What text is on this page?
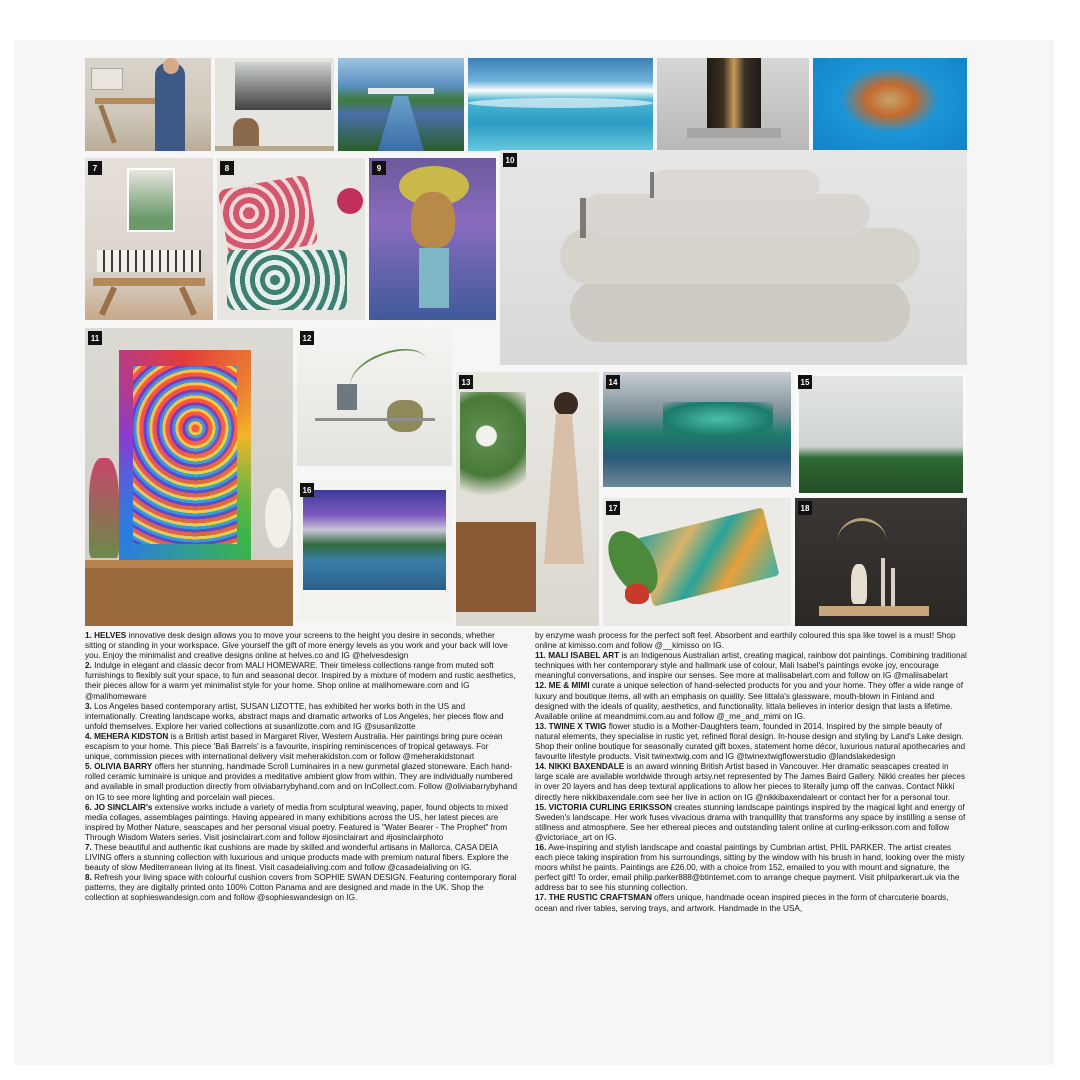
7	8	9
10
11	12
16
13	14	15
17	18

1. HELVES innovative desk design allows you to move your screens to the height you desire in seconds, whether sitting or standing in your workspace. Give yourself the gift of more energy levels as you work and your back will love you. Enjoy the minimalist and creative designs online at helves.co and IG @helvesdesign

2. Indulge in elegant and classic decor from MALI HOMEWARE. Their timeless collections range from muted soft furnishings to flexibly suit your space, to fun and seasonal decor. Inspired by a mixture of modern and rustic aesthetics, their pieces allow for a warm yet minimalist style for your home. Shop online at malihomeware.com and IG @malihomeware

3. Los Angeles based contemporary artist, SUSAN LIZOTTE, has exhibited her works both in the US and internationally. Creating landscape works, abstract maps and dramatic artworks of Los Angeles, her pieces flow and unfold themselves. Explore her varied collections at susanlizotte.com and IG @susanlizotte

4. MEHERA KIDSTON is a British artist based in Margaret River, Western Australia. Her paintings bring pure ocean escapism to your home. This piece 'Bali Barrels' is a favourite, inspiring reminiscences of tropical getaways. For unique, commission pieces with international delivery visit meherakidston.com or follow @meherakidstonart

5. OLIVIA BARRY offers her stunning, handmade Scroll Luminaires in a new gunmetal glazed stoneware. Each hand-rolled ceramic luminaire is unique and provides a meditative ambient glow from within. They are individually numbered and available in small production directly from oliviabarrybyhand.com and on InCollect.com. Follow @oliviabarrybyhand on IG to see more lighting and porcelain wall pieces.

6. JO SINCLAIR's extensive works include a variety of media from sculptural weaving, paper, found objects to mixed media collages, assemblages paintings. Having appeared in many exhibitions across the US, her latest pieces are inspired by Mother Nature, seascapes and her personal visual poetry. Featured is "Water Bearer - The Prophet" from Through Wisdom Waters series. Visit josinclairart.com and follow #josinclairart and #josinclairphoto

7. These beautiful and authentic ikat cushions are made by skilled and wonderful artisans in Mallorca. CASA DEIA LIVING offers a stunning collection with luxurious and unique products made with premium natural fibers. Explore the beauty of slow Mediterranean living at its finest. Visit casadeialiving.com and follow @casadeialiving on IG.

8. Refresh your living space with colourful cushion covers from SOPHIE SWAN DESIGN. Featuring contemporary floral patterns, they are digitally printed onto 100% Cotton Panama and are designed and made in the UK. Shop the collection at sophieswandesign.com and follow @sophieswandesign on IG.

by enzyme wash process for the perfect soft feel. Absorbent and earthily coloured this spa like towel is a must! Shop online at kimisso.com and follow @__kimisso on IG.

11. MALI ISABEL ART is an Indigenous Australian artist, creating magical, rainbow dot paintings. Combining traditional techniques with her contemporary style and hallmark use of colour, Mali Isabel's paintings evoke joy, encourage meaningful conversations, and inspire our senses. See more at maliisabelart.com and follow on IG @maliisabelart

12. ME & MIMI curate a unique selection of hand-selected products for you and your home. They offer a wide range of luxury and boutique items, all with an emphasis on quality. See Iittala's glassware, mouth-blown in Finland and designed with the ideals of quality, aesthetics, and functionality. Iittala believes in interior design that lasts a lifetime. Available online at meandmimi.com.au and follow @_me_and_mimi on IG.

13. TWINE X TWIG flower studio is a Mother-Daughters team, founded in 2014. Inspired by the simple beauty of natural elements, they specialise in rustic yet, refined floral design. In-house design and styling by Land's Lake design. Shop their online boutique for seasonally curated gift boxes, statement home décor, luxurious natural apothecaries and favourite lifestyle products. Visit twinextwig.com and IG @twinextwigflowerstudio @landslakedesign

14. NIKKI BAXENDALE is an award winning British Artist based in Vancouver. Her dramatic seascapes created in large scale are available worldwide through artsy.net represented by The James Baird Gallery. Nikki creates her pieces in over 20 layers and has deep textural applications to allow her pieces to literally jump off the canvas. Contact Nikki directly here nikkibaxendale.com see her live in action on IG @nikkibaxendaleart or contact her for a personal tour.

15. VICTORIA CURLING ERIKSSON creates stunning landscape paintings inspired by the magical light and energy of Sweden's landscape. Her work fuses vivacious drama with tranquillity that transforms any space by instilling a sense of stillness and atmosphere. See her ethereal pieces and outstanding talent online at curling-eriksson.com and follow @victoriace_art on IG.

16. Awe-inspiring and stylish landscape and coastal paintings by Cumbrian artist, PHIL PARKER. The artist creates each piece taking inspiration from his surroundings, sitting by the window with his brush in hand, looking over the misty moors whilst he paints. Paintings are £26.00, with a choice from 152, emailed to you with mount and signature, the perfect gift! To order, email philip.parker888@btinternet.com to arrange cheque payment. Visit philparkerart.uk via the address bar to see his stunning collection.

17. THE RUSTIC CRAFTSMAN offers unique, handmade ocean inspired pieces in the form of charcuterie boards, ocean and river tables, serving trays, and artwork. Handmade in the USA,
